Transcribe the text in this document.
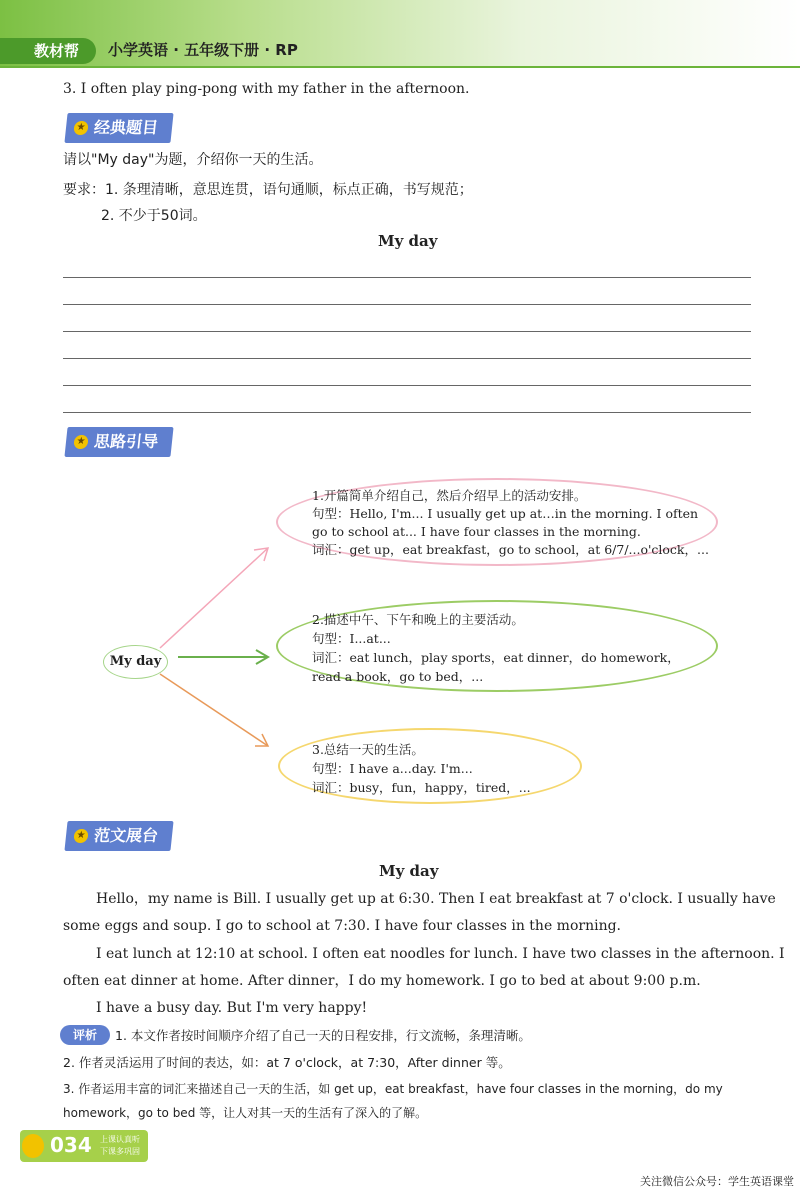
教材帮	小学英语 · 五年级下册 · RP
3. I often play ping-pong with my father in the afternoon.
★ 经典题目
请以"My day"为题，介绍你一天的生活。
要求：1. 条理清晰，意思连贯，语句通顺，标点正确，书写规范；
2. 不少于50词。
My day
★ 思路引导
My day
1.开篇简单介绍自己，然后介绍早上的活动安排。
句型：Hello, I'm... I usually get up at…in the morning. I often
go to school at... I have four classes in the morning.
词汇：get up，eat breakfast，go to school，at 6/7/...o'clock，...
2.描述中午、下午和晚上的主要活动。
句型：I...at...
词汇：eat lunch，play sports，eat dinner，do homework，
read a book，go to bed，...
3.总结一天的生活。
句型：I have a...day. I'm...
词汇：busy，fun，happy，tired，...
★ 范文展台
My day
Hello，my name is Bill. I usually get up at 6:30. Then I eat breakfast at 7 o'clock. I usually have
some eggs and soup. I go to school at 7:30. I have four classes in the morning.
I eat lunch at 12:10 at school. I often eat noodles for lunch. I have two classes in the afternoon. I
often eat dinner at home. After dinner，I do my homework. I go to bed at about 9:00 p.m.
I have a busy day. But I'm very happy!
评析	1. 本文作者按时间顺序介绍了自己一天的日程安排，行文流畅，条理清晰。
2. 作者灵活运用了时间的表达，如：at 7 o'clock，at 7:30，After dinner 等。
3. 作者运用丰富的词汇来描述自己一天的生活，如 get up，eat breakfast，have four classes in the morning，do my
homework，go to bed 等，让人对其一天的生活有了深入的了解。
034 上课认真听
下课多巩固
关注微信公众号：学生英语课堂
